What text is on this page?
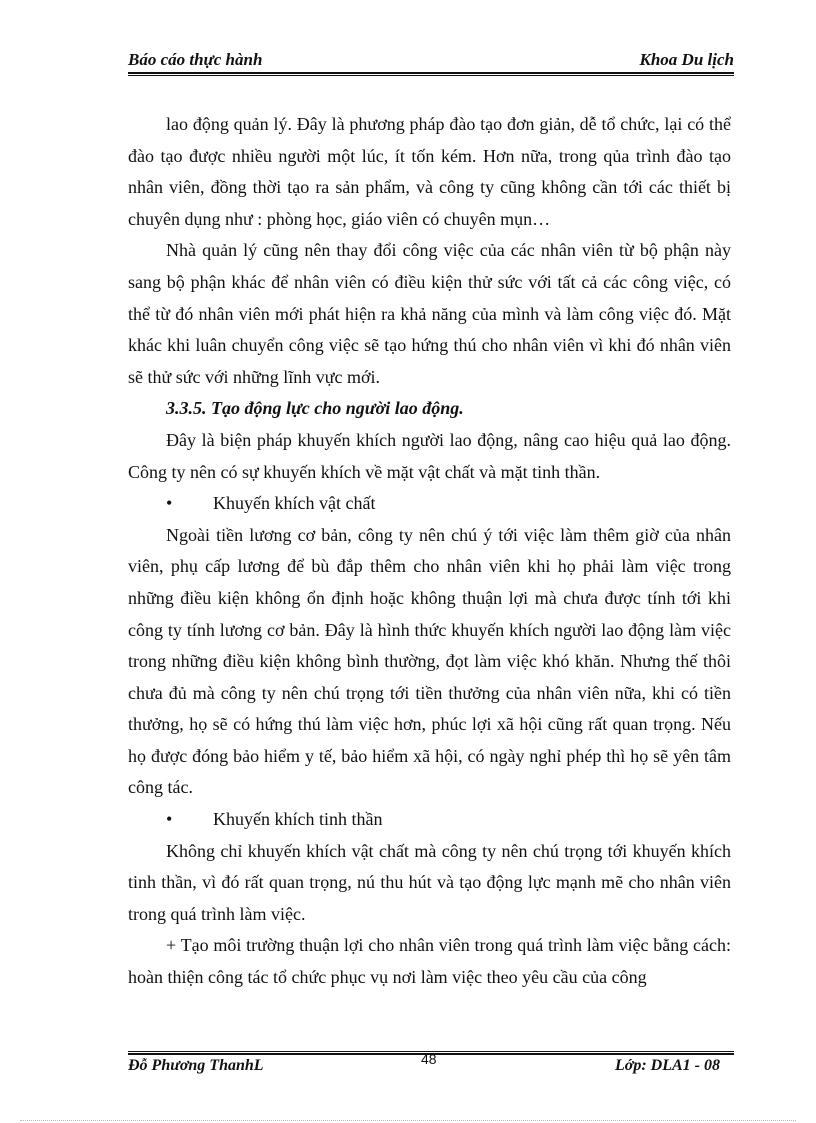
Báo cáo thực hành	Khoa Du lịch

lao động quản lý. Đây là phương pháp đào tạo đơn giản, dễ tổ chức, lại có thể đào tạo được nhiều người một lúc, ít tốn kém. Hơn nữa, trong qủa trình đào tạo nhân viên, đồng thời tạo ra sản phẩm, và công ty cũng không cần tới các thiết bị chuyên dụng như : phòng học, giáo viên có chuyên mụn…

Nhà quản lý cũng nên thay đổi công việc của các nhân viên từ bộ phận này sang bộ phận khác để nhân viên có điều kiện thử sức với tất cả các công việc, có thể từ đó nhân viên mới phát hiện ra khả năng của mình và làm công việc đó. Mặt khác khi luân chuyển công việc sẽ tạo hứng thú cho nhân viên vì khi đó nhân viên sẽ thử sức với những lĩnh vực mới.

3.3.5. Tạo động lực cho người lao động.

Đây là biện pháp khuyến khích người lao động, nâng cao hiệu quả lao động. Công ty nên có sự khuyến khích về mặt vật chất và mặt tinh thần.

• Khuyến khích vật chất

Ngoài tiền lương cơ bản, công ty nên chú ý tới việc làm thêm giờ của nhân viên, phụ cấp lương để bù đắp thêm cho nhân viên khi họ phải làm việc trong những điều kiện không ổn định hoặc không thuận lợi mà chưa được tính tới khi công ty tính lương cơ bản. Đây là hình thức khuyến khích người lao động làm việc trong những điều kiện không bình thường, đọt làm việc khó khăn. Nhưng thế thôi chưa đủ mà công ty nên chú trọng tới tiền thưởng của nhân viên nữa, khi có tiền thưởng, họ sẽ có hứng thú làm việc hơn, phúc lợi xã hội cũng rất quan trọng. Nếu họ được đóng bảo hiểm y tế, bảo hiểm xã hội, có ngày nghỉ phép thì họ sẽ yên tâm công tác.

• Khuyến khích tinh thần

Không chỉ khuyến khích vật chất mà công ty nên chú trọng tới khuyến khích tinh thần, vì đó rất quan trọng, nú thu hút và tạo động lực mạnh mẽ cho nhân viên trong quá trình làm việc.

+ Tạo môi trường thuận lợi cho nhân viên trong quá trình làm việc bằng cách: hoàn thiện công tác tổ chức phục vụ nơi làm việc theo yêu cầu của công

Đỗ Phương ThanhL	48	Lớp: DLA1 - 08
